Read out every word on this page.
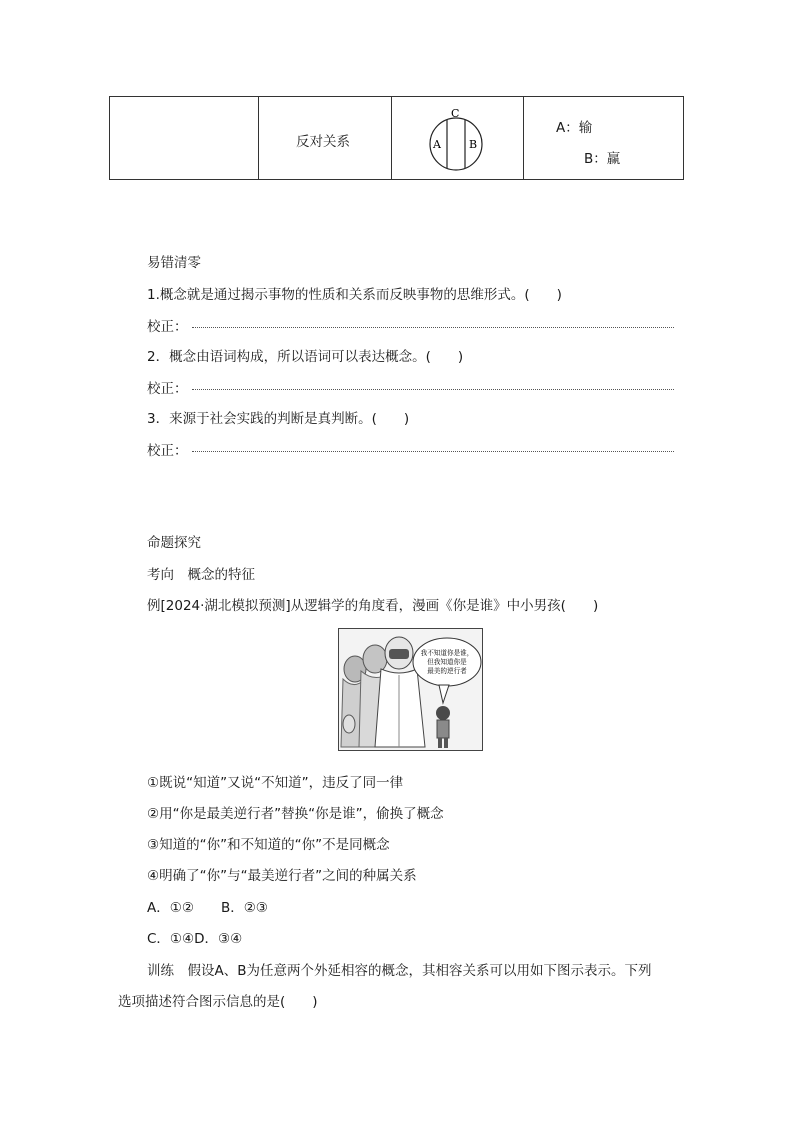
反对关系
C
A	B
A：输
B：赢
易错清零
1.概念就是通过揭示事物的性质和关系而反映事物的思维形式。(　　)
校正：
2．概念由语词构成，所以语词可以表达概念。(　　)
校正：
3．来源于社会实践的判断是真判断。(　　)
校正：
命题探究
考向　概念的特征
例[2024·湖北模拟预测]从逻辑学的角度看，漫画《你是谁》中小男孩(　　)
我不知道你是谁，
但我知道你是
最美的逆行者
①既说“知道”又说“不知道”，违反了同一律
②用“你是最美逆行者”替换“你是谁”，偷换了概念
③知道的“你”和不知道的“你”不是同概念
④明确了“你”与“最美逆行者”之间的种属关系
A．①②　　B．②③
C．①④D．③④
训练　假设A、B为任意两个外延相容的概念，其相容关系可以用如下图示表示。下列
选项描述符合图示信息的是(　　)
